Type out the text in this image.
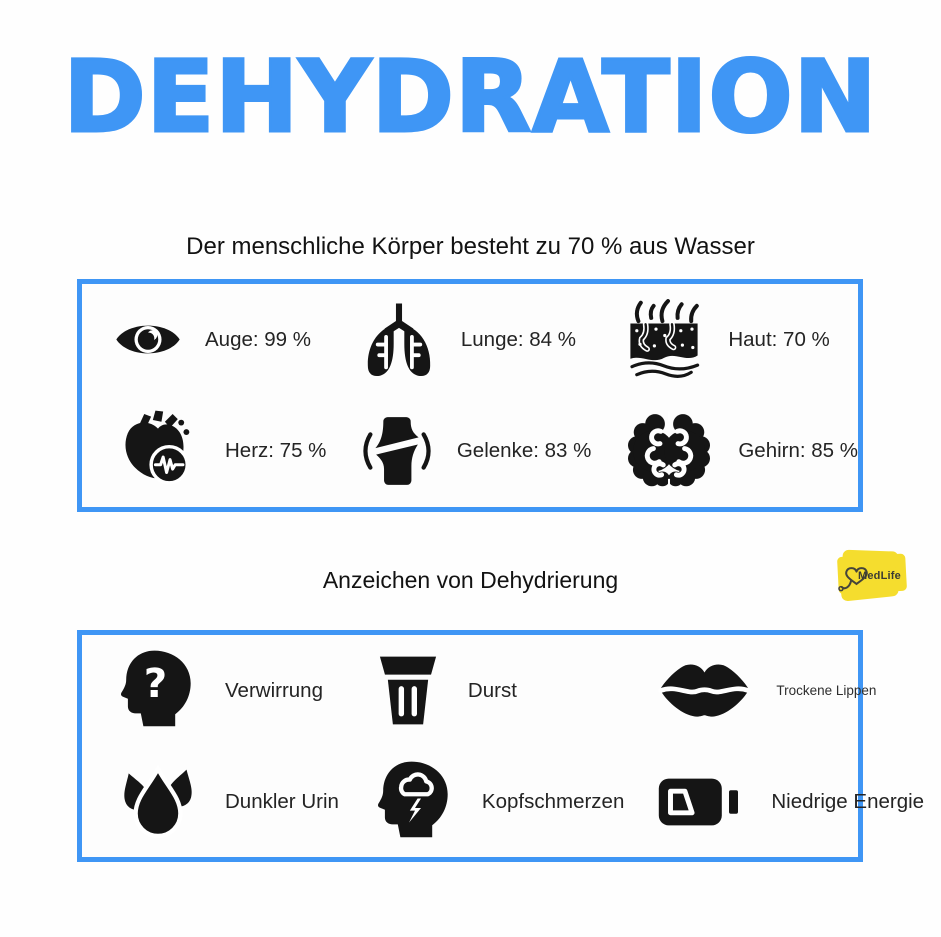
DEHYDRATION
Der menschliche Körper besteht zu 70 % aus Wasser
Auge: 99 %	Lunge: 84 %	Haut: 70 %
Herz: 75 %	Gelenke: 83 %	Gehirn: 85 %
Anzeichen von Dehydrierung	MedLife
?	Verwirrung	Durst	Trockene Lippen
Dunkler Urin	Kopfschmerzen	Niedrige Energie
